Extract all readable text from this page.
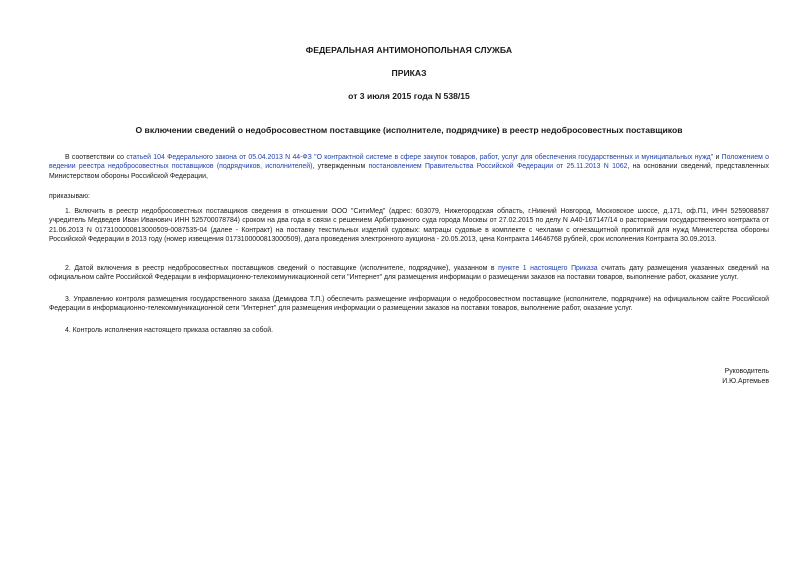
ФЕДЕРАЛЬНАЯ АНТИМОНОПОЛЬНАЯ СЛУЖБА
ПРИКАЗ
от 3 июля 2015 года N 538/15
О включении сведений о недобросовестном поставщике (исполнителе, подрядчике) в реестр недобросовестных поставщиков

В соответствии со статьей 104 Федерального закона от 05.04.2013 N 44-ФЗ "О контрактной системе в сфере закупок товаров, работ, услуг для обеспечения государственных и муниципальных нужд" и Положением о ведении реестра недобросовестных поставщиков (подрядчиков, исполнителей), утвержденным постановлением Правительства Российской Федерации от 25.11.2013 N 1062, на основании сведений, представленных Министерством обороны Российской Федерации,

приказываю:

1. Включить в реестр недобросовестных поставщиков сведения в отношении ООО "СитиМед" (адрес: 603079, Нижегородская область, г.Нижний Новгород, Московское шоссе, д.171, оф.П1, ИНН 5259088587 учредитель Медведев Иван Иванович ИНН 525700078784) сроком на два года в связи с решением Арбитражного суда города Москвы от 27.02.2015 по делу N А40-167147/14 о расторжении государственного контракта от 21.06.2013 N 0173100000813000509-0087535-04 (далее - Контракт) на поставку текстильных изделий судовых: матрацы судовые в комплекте с чехлами с огнезащитной пропиткой для нужд Министерства обороны Российской Федерации в 2013 году (номер извещения 0173100000813000509), дата проведения электронного аукциона - 20.05.2013, цена Контракта 14646768 рублей, срок исполнения Контракта 30.09.2013.

2. Датой включения в реестр недобросовестных поставщиков сведений о поставщике (исполнителе, подрядчике), указанном в пункте 1 настоящего Приказа считать дату размещения указанных сведений на официальном сайте Российской Федерации в информационно-телекоммуникационной сети "Интернет" для размещения информации о размещении заказов на поставки товаров, выполнение работ, оказание услуг.

3. Управлению контроля размещения государственного заказа (Демидова Т.П.) обеспечить размещение информации о недобросовестном поставщике (исполнителе, подрядчике) на официальном сайте Российской Федерации в информационно-телекоммуникационной сети "Интернет" для размещения информации о размещении заказов на поставки товаров, выполнение работ, оказание услуг.

4. Контроль исполнения настоящего приказа оставляю за собой.

Руководитель
И.Ю.Артемьев
